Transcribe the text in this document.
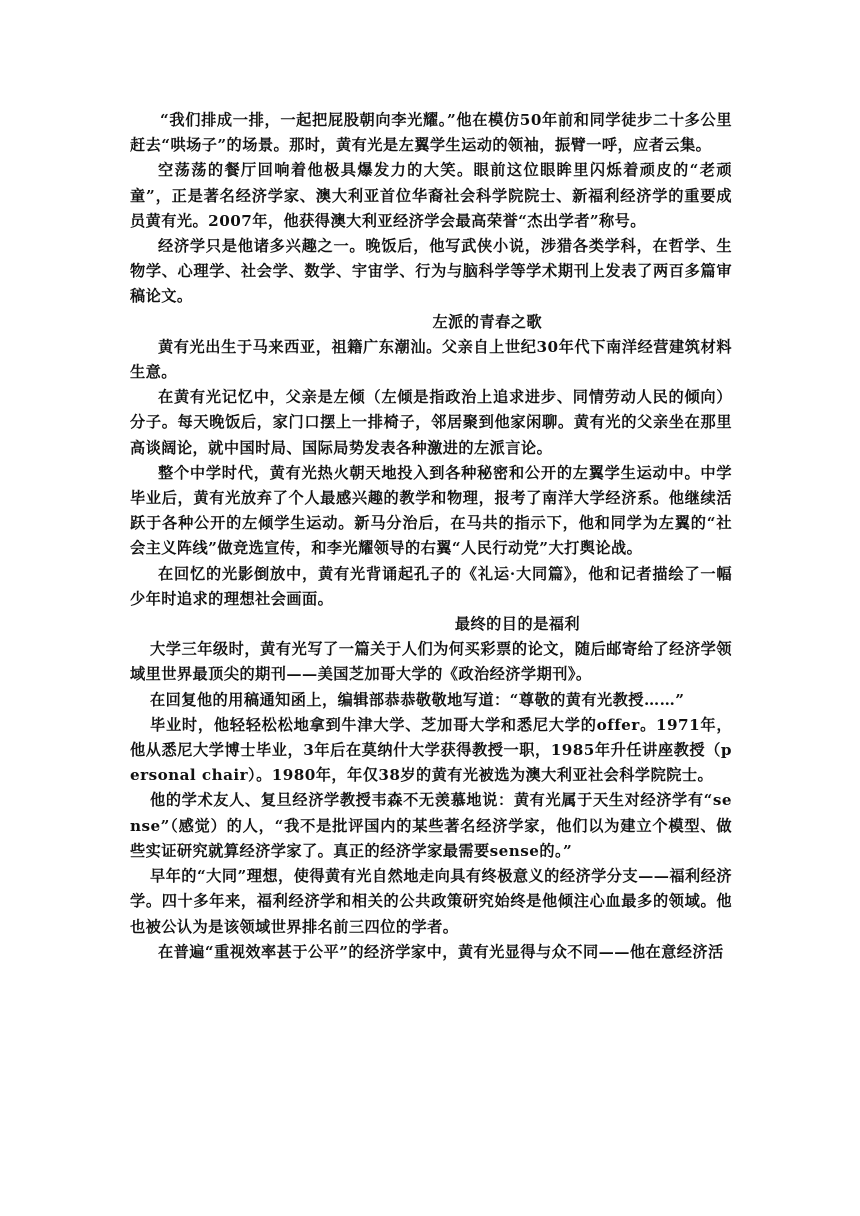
“我们排成一排，一起把屁股朝向李光耀。”他在模仿50年前和同学徒步二十多公里赶去“哄场子”的场景。那时，黄有光是左翼学生运动的领袖，振臂一呼，应者云集。

空荡荡的餐厅回响着他极具爆发力的大笑。眼前这位眼眸里闪烁着顽皮的“老顽童”，正是著名经济学家、澳大利亚首位华裔社会科学院院士、新福利经济学的重要成员黄有光。2007年，他获得澳大利亚经济学会最高荣誉“杰出学者”称号。

经济学只是他诸多兴趣之一。晚饭后，他写武侠小说，涉猎各类学科，在哲学、生物学、心理学、社会学、数学、宇宙学、行为与脑科学等学术期刊上发表了两百多篇审稿论文。

左派的青春之歌

黄有光出生于马来西亚，祖籍广东潮汕。父亲自上世纪30年代下南洋经营建筑材料生意。

在黄有光记忆中，父亲是左倾（左倾是指政治上追求进步、同情劳动人民的倾向）分子。每天晚饭后，家门口摆上一排椅子，邻居聚到他家闲聊。黄有光的父亲坐在那里高谈阔论，就中国时局、国际局势发表各种激进的左派言论。

整个中学时代，黄有光热火朝天地投入到各种秘密和公开的左翼学生运动中。中学毕业后，黄有光放弃了个人最感兴趣的教学和物理，报考了南洋大学经济系。他继续活跃于各种公开的左倾学生运动。新马分治后，在马共的指示下，他和同学为左翼的“社会主义阵线”做竞选宣传，和李光耀领导的右翼“人民行动党”大打舆论战。

在回忆的光影倒放中，黄有光背诵起孔子的《礼运·大同篇》，他和记者描绘了一幅少年时追求的理想社会画面。

最终的目的是福利

大学三年级时，黄有光写了一篇关于人们为何买彩票的论文，随后邮寄给了经济学领域里世界最顶尖的期刊——美国芝加哥大学的《政治经济学期刊》。

在回复他的用稿通知函上，编辑部恭恭敬敬地写道：“尊敬的黄有光教授……”

毕业时，他轻轻松松地拿到牛津大学、芝加哥大学和悉尼大学的offer。1971年，他从悉尼大学博士毕业，3年后在莫纳什大学获得教授一职，1985年升任讲座教授（personal chair）。1980年，年仅38岁的黄有光被选为澳大利亚社会科学院院士。

他的学术友人、复旦经济学教授韦森不无羡慕地说：黄有光属于天生对经济学有“sense”（感觉）的人，“我不是批评国内的某些著名经济学家，他们以为建立个模型、做些实证研究就算经济学家了。真正的经济学家最需要sense的。”

早年的“大同”理想，使得黄有光自然地走向具有终极意义的经济学分支——福利经济学。四十多年来，福利经济学和相关的公共政策研究始终是他倾注心血最多的领域。他也被公认为是该领域世界排名前三四位的学者。

在普遍“重视效率甚于公平”的经济学家中，黄有光显得与众不同——他在意经济活
